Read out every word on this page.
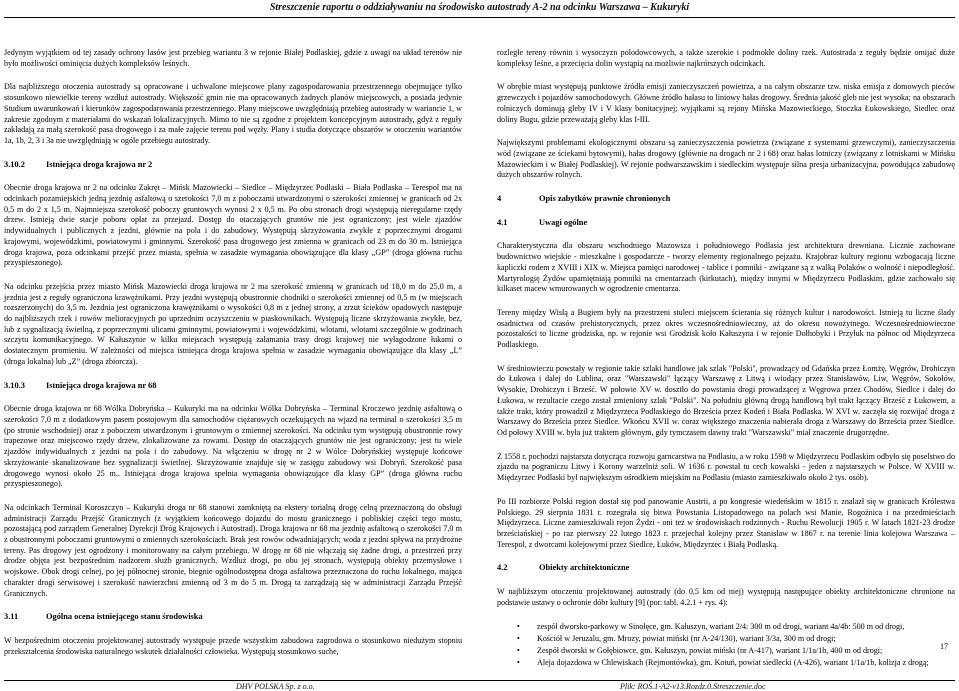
Streszczenie raportu o oddziaływaniu na środowisko autostrady A-2 na odcinku Warszawa – Kukuryki

Jedynym wyjątkiem od tej zasady ochrony lasów jest przebieg wariantu 3 w rejonie Białej Podlaskiej, gdzie z uwagi na układ terenów nie było możliwości ominięcia dużych kompleksów leśnych.

Dla najbliższego otoczenia autostrady są opracowane i uchwalone miejscowe plany zagospodarowania przestrzennego obejmujące tylko stosunkowo niewielkie tereny wzdłuż autostrady. Większość gmin nie ma opracowanych żadnych planów miejscowych, a posiada jedynie Studium uwarunkowań i kierunków zagospodarowania przestrzennego. Plany miejscowe uwzględniają przebieg autostrady w wariancie 1, w zakresie zgodnym z materiałami do wskazań lokalizacyjnych. Mimo to nie są zgodne z projektem koncepcyjnym autostrady, gdyż z reguły zakładają za małą szerokość pasa drogowego i za małe zajęcie terenu pod węzły. Plany i studia dotyczące obszarów w otoczeniu wariantów 1a, 1b, 2, 3 i 3a nie uwzględniają w ogóle przebiegu autostrady.

3.10.2	Istniejąca droga krajowa nr 2

Obecnie droga krajowa nr 2 na odcinku Zakręt – Mińsk Mazowiecki – Siedlce – Międzyrzec Podlaski – Biała Podlaska – Terespol ma na odcinkach pozamiejskich jedną jezdnię asfaltową o szerokości 7,0 m z poboczami utwardzonymi o szerokości zmiennej w granicach od 2x 0,5 m do 2 x 1,5 m. Najmniejsza szerokość poboczy gruntowych wynosi 2 x 0,5 m. Po obu stronach drogi występują nieregularne rzędy drzew. Istnieją dwie stacje poboru opłat za przejazd. Dostęp do otaczających gruntów nie jest ograniczony; jest wiele zjazdów indywidualnych i publicznych z jezdni, głównie na pola i do zabudowy. Występują skrzyżowania zwykłe z poprzecznymi drogami krajowymi, wojewódzkimi, powiatowymi i gminnymi. Szerokość pasa drogowego jest zmienna w granicach od 23 m do 30 m. Istniejąca droga krajowa, poza odcinkami przejść przez miasta, spełnia w zasadzie wymagania obowiązujące dla klasy „GP” (droga główna ruchu przyspieszonego).

Na odcinku przejścia przez miasto Mińsk Mazowiecki droga krajowa nr 2 ma szerokość zmienną w granicach od 18,0 m do 25,0 m, a jezdnia jest z reguły ograniczona krawężnikami. Przy jezdni występują obustronnie chodniki o szerokości zmiennej od 0,5 m (w miejscach rozszerzonych) do 3,5 m. Jezdnia jest ograniczona krawężnikami o wysokości 0,8 m z jednej strony, a zrzut ścieków opadowych następuje do najbliższych rzek i rowów melioracyjnych po uprzednim oczyszczeniu w piaskownikach. Występują liczne skrzyżowania zwykłe, bez, lub z sygnalizacją świetlną, z poprzecznymi ulicami gminnymi, powiatowymi i wojewódzkimi, wlotami, wlotami szczególnie w godzinach szczytu komunikacyjnego. W Kałuszynie w kilku miejscach występują załamania trasy drogi krajowej nie wyłagodzone łukami o dostatecznym promieniu. W zależności od miejsca istniejąca droga krajowa spełnia w zasadzie wymagania obowiązujące dla klasy „L” (droga lokalna) lub „Z” (droga zbiorcza).

3.10.3	Istniejąca droga krajowa nr 68

Obecnie droga krajowa nr 68 Wólka Dobryńska – Kukuryki ma na odcinku Wólka Dobryńska – Terminal Kroczewo jezdnię asfaltową o szerokości 7,0 m z dodatkowym pasem postojowym dla samochodów ciężarowych oczekujących na wjazd na terminal o szerokości 3,5 m (po stronie wschodniej) oraz z poboczem utwardzonym i gruntowym o zmiennej szerokości. Na odcinku tym występują obustronnie rowy trapezowe oraz miejscowo rzędy drzew, zlokalizowane za rowami. Dostęp do otaczających gruntów nie jest ograniczony; jest tu wiele zjazdów indywidualnych z jezdni na pola i do zabudowy. Na włączeniu w drogę nr 2 w Wólce Dobryńskiej występuje końcowe skrzyżowanie skanalizowane bez sygnalizacji świetlnej. Skrzyżowanie znajduje się w zasięgu zabudowy wsi Dobryń. Szerokość pasa drogowego wynosi około 25 m.. Istniejąca droga krajowa spełnia wymagania obowiązujące dla klasy GP” (droga główna ruchu przyspieszonego).

Na odcinkach Terminal Koroszczyn – Kukuryki droga nr 68 stanowi zamkniętą na ekstery torialną drogę celną przeznaczoną do obsługi administracji Zarządu Przejść Granicznych (z wyjątkiem końcowego dojazdu do mostu granicznego i pobliskiej części tego mostu, pozostającą pod zarządem Generalnej Dyrekcji Dróg Krajowych i Autostrad). Droga krajowa nr 68 ma jezdnię asfaltową o szerokości 7,0 m z obustronnymi poboczami gruntowymi o zmiennych szerokościach. Brak jest rowów odwadniających; woda z jezdni spływa na przydrożne tereny. Pas drogowy jest ogrodzony i monitorowany na całym przebiegu. W drogę nr 68 nie włączają się żadne drogi, a przestrzeń przy drodze objęta jest bezpośrednim nadzorem służb granicznych. Wzdłuż drogi, po obu jej stronach, występują obiekty przemysłowe i wojskowe. Obok drogi celnej, po jej północnej stronie, biegnie ogólnodostępna droga asfaltowa przeznaczona do ruchu lokalnego, mająca charakter drogi serwisowej i szerokość nawierzchni zmienną od 3 m do 5 m. Drogą ta zarządzają się w administracji Zarządu Przejść Granicznych.

3.11	Ogólna ocena istniejącego stanu środowiska

W bezpośrednim otoczeniu projektowanej autostrady występuje przede wszystkim zabudowa zagrodowa o stosunkowo niedużym stopniu przekształcenia środowiska naturalnego wskutek działalności człowieka. Występują stosunkowo suche,

rozległe tereny równin i wysoczyzn polodowcowych, a także szerokie i podmokłe doliny rzek. Autostrada z reguły będzie omijać duże kompleksy leśne, a przecięcia dolin wystąpią na możliwie najkrótszych odcinkach.

W obrębie miast występują punktowe źródła emisji zanieczyszczeń powietrza, a na całym obszarze tzw. niska emisja z domowych pieców grzewczych i pojazdów samochodowych. Główne źródło hałasu to liniowy hałas drogowy. Średnia jakość gleb nie jest wysoka; na obszarach rolniczych dominują gleby IV i V klasy bonitacyjnej; wyjątkami są rejony Mińska Mazowieckiego, Stoczka Łukowskiego, Siedlec oraz doliny Bugu, gdzie przeważają gleby klas I-III.

Największymi problemami ekologicznymi obszaru są zanieczyszczenia powietrza (związane z systemami grzewczymi), zanieczyszczenia wód (związane ze ściekami bytowymi), hałas drogowy (głównie na drogach nr 2 i 68) oraz hałas lotniczy (związany z lotniskami w Mińsku Mazowieckim i w Białej Podlaskiej). W rejonie podwarszawskim i siedleckim występuje silna presja urbanizacyjna, powodująca zabudowę dużych obszarów rolnych.

4	Opis zabytków prawnie chronionych
4.1	Uwagi ogólne

Charakterystyczna dla obszaru wschodniego Mazowsza i południowego Podlasia jest architektura drewniana. Licznie zachowane budownictwo wiejskie - mieszkalne i gospodarcze - tworzy elementy regionalnego pejzażu. Krajobraz kultury regionu wzbogacają liczne kapliczki rodem z XVIII i XIX w. Miejsca pamięci narodowej - tablice i pomniki - związane są z walką Polaków o wolność i niepodległość. Martyrologię Żydów upamiętniają pomniki na cmentarzach (kirkutach), między innymi w Międzyrzecu Podlaskim, gdzie zachowało się kilkaset macew wmurowanych w ogrodzenie cmentarza.

Tereny między Wisłą a Bugiem były na przestrzeni stuleci miejscem ścierania się różnych kultur i narodowości. Istnieją tu liczne ślady osadnictwa od czasów prehistorycznych, przez okres wczesnośredniowieczny, aż do okresu nowożytnego. Wczesnośredniowieczne pozostałości to liczne grodziska, np. w rejonie wsi Grodzisk koło Kałuszyna i w rejonie Dołhobyki i Przyłuk na północ od Międzyrzeca Podlaskiego.

W średniowieczu powstały w regionie takie szlaki handlowe jak szlak "Polski", prowadzący od Gdańska przez Łomżę, Węgrów, Drohiczyn do Łukowa i dalej do Lublina, oraz "Warszawski" łączący Warszawę z Litwą i wiodący przez Stanisławów, Liw, Węgrów, Sokołów, Wysokie, Drohiczyn i Brześć. W połowie XV w. dosztło do powstania drogi prowadzącej z Węgrowa przez Chodów, Siedlce i dalej do Łukowa, w rezultacie czego został zmieniony szlak "Polski". Na południu główną drogą handlową był trakt łączący Brześć z Łukowem, a także trakt, który prowadził z Międzyrzeca Podlaskiego do Brześcia przez Kodeń i Biała Podlaska. W XVI w. zaczęła się rozwijać droga z Warszawy do Brześcia przez Siedlce. Wkońcu XVII w. coraz większego znaczenia nabierała droga z Warszawy do Brześcia przez Siedlce. Od połowy XVIII w. była już traktem głównym, gdy tymczasem dawny trakt "Warszawski" miał znaczenie drugorzędne.

Z 1558 r. pochodzi najstarsza dotycząca rozwoju garncarstwa na Podlasiu, a w roku 1598 w Międzyrzecu Podlaskim odbyło się poselstwo do zjazdu na pograniczu Litwy i Korony warzelniż soli. W 1636 r. powstał tu cech kowalski - jeden z najstarszych w Polsce. W XVIII w. Międzyrzec Podlaski był największym ośrodkiem miejskim na Podlasiu (miasto zamieszkiwało około 2 tys. osób).

Po III rozbiorze Polski region dostał się pod panowanie Austrii, a po kongresie wiedeńskim w 1815 r. znalazł się w granicach Królestwa Polskiego. 29 sierpnia 1831 r. rozegrała się bitwa Powstania Listopadowego na polach wsi Manie, Rogoźnica i na przedmieściach Międzyrzeca. Liczne zamieszkiwali rejon Żydzi - oni też w środowiskach rodzinnych - Ruchu Rewolucji 1905 r. W latach 1821-23 drodze brześciańskiej - po raz pierwszy 22 lutego 1823 r. przejechał kolejny przez Stanisław w 1867 r. na terenie linia kolejowa Warszawa – Terespol, z dworcami kolejowymi przez Siedlce, Łuków, Międzyrzec i Białą Podlaską.

4.2	Obiekty architektoniczne

W najbliższym otoczeniu projektowanej autostrady (do 0,5 km od niej) występują następujące obiekty architektoniczne chronione na podstawie ustawy o ochronie dóbr kultury [9] (por. tabl. 4.2.1 + rys. 4):

• zespół dworsko-parkowy w Sinołęce, gm. Kałuszyn, wariant 2/4: 300 m od drogi, wariant 4a/4b: 500 m od drogi,
• Kościół w Jeruzalu, gm. Mrozy, powiat miński (nr A-24/130), wariant 3/3a, 300 m od drogi;
• Zespół dworski w Gołębiowce, gm. Kałuszyn, powiat miński (nr A-417), wariant 1/1a/1b, 400 m od drogi;
• Aleja dojazdowa w Chlewiskach (Rejmontówka), gm. Kotuń, powiat siedlecki (A-426), wariant 1/1a/1b, kolizja z drogą;
17
DHV POLSKA Sp. z o.o.	Plik: ROŚ.1-A2-v13.Rozdz.0.Streszczenie.doc
